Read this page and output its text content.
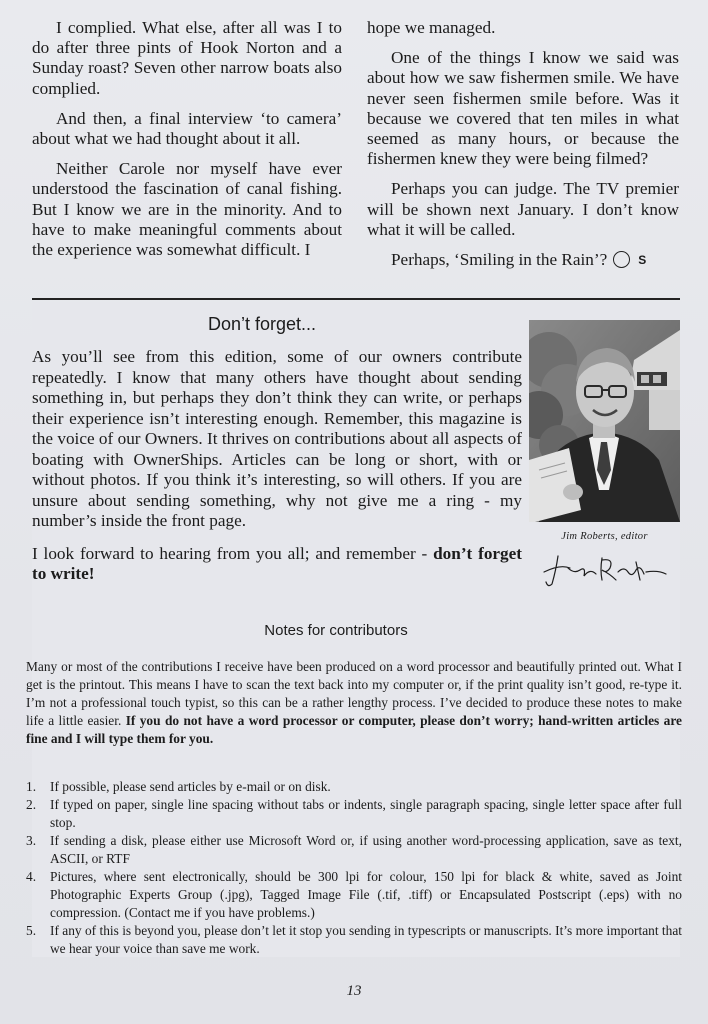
I complied. What else, after all was I to do after three pints of Hook Norton and a Sunday roast? Seven other narrow boats also complied.

And then, a final interview ‘to camera’ about what we had thought about it all.

Neither Carole nor myself have ever understood the fascination of canal fishing. But I know we are in the minority. And to have to make meaningful comments about the experience was somewhat difficult. I

hope we managed.

One of the things I know we said was about how we saw fishermen smile. We have never seen fishermen smile before. Was it because we covered that ten miles in what seemed as many hours, or because the fishermen knew they were being filmed?

Perhaps you can judge. The TV premier will be shown next January. I don’t know what it will be called.

Perhaps, ‘Smiling in the Rain’?	S

Don’t forget...

As you’ll see from this edition, some of our owners contribute repeatedly. I know that many others have thought about sending something in, but perhaps they don’t think they can write, or perhaps their experience isn’t interesting enough. Remember, this magazine is the voice of our Owners. It thrives on contributions about all aspects of boating with OwnerShips. Articles can be long or short, with or without photos. If you think it’s interesting, so will others. If you are unsure about sending something, why not give me a ring - my number’s inside the front page.

I look forward to hearing from you all; and remember - don’t forget to write!

Jim Roberts, editor
Notes for contributors
Many or most of the contributions I receive have been produced on a word processor and beautifully printed out. What I get is the printout. This means I have to scan the text back into my computer or, if the print quality isn’t good, re-type it. I’m not a professional touch typist, so this can be a rather lengthy process. I’ve decided to produce these notes to make life a little easier. If you do not have a word processor or computer, please don’t worry; hand-written articles are fine and I will type them for you.
1.	If possible, please send articles by e-mail or on disk.
2.	If typed on paper, single line spacing without tabs or indents, single paragraph spacing, single letter space after full stop.
3.	If sending a disk, please either use Microsoft Word or, if using another word-processing application, save as text, ASCII, or RTF
4.	Pictures, where sent electronically, should be 300 lpi for colour, 150 lpi for black & white, saved as Joint Photographic Experts Group (.jpg), Tagged Image File (.tif, .tiff) or Encapsulated Postscript (.eps) with no compression. (Contact me if you have problems.)
5.	If any of this is beyond you, please don’t let it stop you sending in typescripts or manuscripts. It’s more important that we hear your voice than save me work.
13
